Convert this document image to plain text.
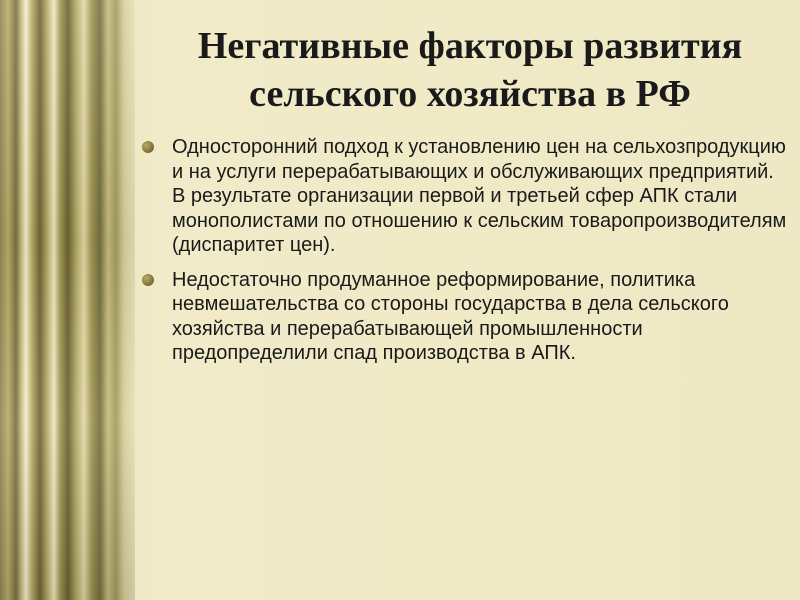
Негативные факторы развития
сельского хозяйства в РФ
Односторонний подход к установлению цен на сельхозпродукцию и на услуги перерабатывающих и обслуживающих предприятий. В результате организации первой и третьей сфер АПК стали монополистами по отношению к сельским товаропроизводителям (диспаритет цен).
Недостаточно продуманное реформирование, политика невмешательства со стороны государства в дела сельского хозяйства и перерабатывающей промышленности предопределили спад производства в АПК.
